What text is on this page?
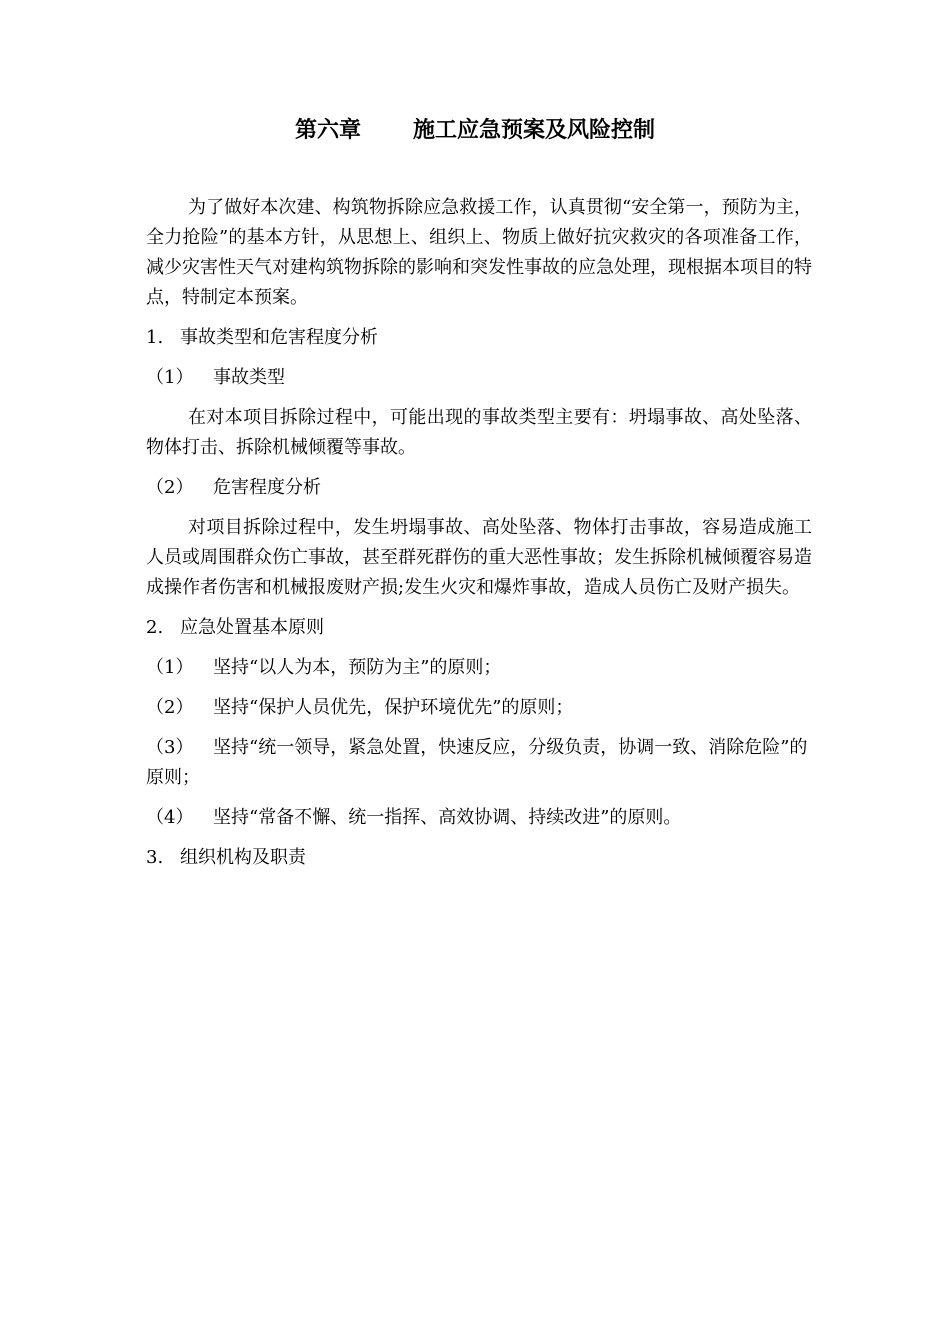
第六章 施工应急预案及风险控制

为了做好本次建、构筑物拆除应急救援工作，认真贯彻“安全第一，预防为主，全力抢险”的基本方针，从思想上、组织上、物质上做好抗灾救灾的各项准备工作，减少灾害性天气对建构筑物拆除的影响和突发性事故的应急处理，现根据本项目的特点，特制定本预案。

1. 事故类型和危害程度分析
（1） 事故类型

在对本项目拆除过程中，可能出现的事故类型主要有：坍塌事故、高处坠落、物体打击、拆除机械倾覆等事故。

（2） 危害程度分析

对项目拆除过程中，发生坍塌事故、高处坠落、物体打击事故，容易造成施工人员或周围群众伤亡事故，甚至群死群伤的重大恶性事故；发生拆除机械倾覆容易造成操作者伤害和机械报废财产损;发生火灾和爆炸事故，造成人员伤亡及财产损失。

2. 应急处置基本原则
（1） 坚持“以人为本，预防为主”的原则；
（2） 坚持“保护人员优先，保护环境优先”的原则；
（3） 坚持“统一领导，紧急处置，快速反应，分级负责，协调一致、消除危险”的原则；
（4） 坚持“常备不懈、统一指挥、高效协调、持续改进”的原则。
3. 组织机构及职责
